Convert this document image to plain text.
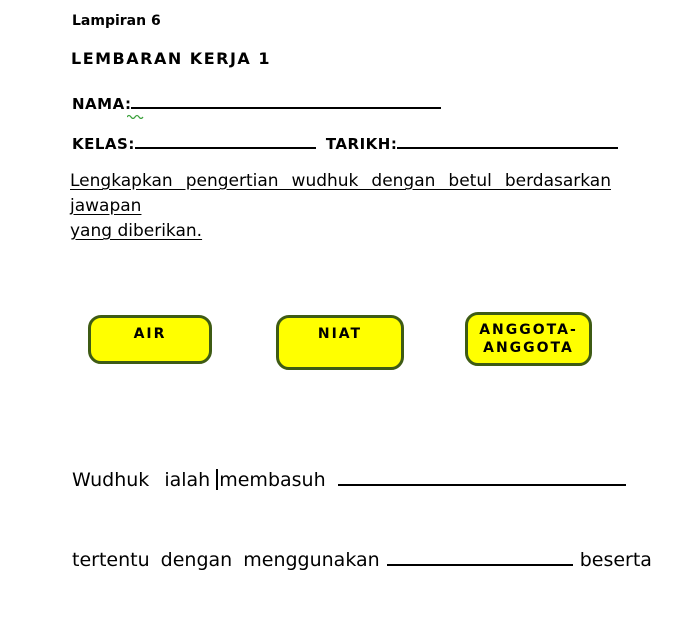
Lampiran 6
LEMBARAN KERJA 1
NAMA:
KELAS:	TARIKH:
Lengkapkan pengertian wudhuk dengan betul berdasarkan jawapan
yang diberikan.
AIR	NIAT	ANGGOTA-ANGGOTA
Wudhuk ialah membasuh
tertentu dengan menggunakan	beserta
